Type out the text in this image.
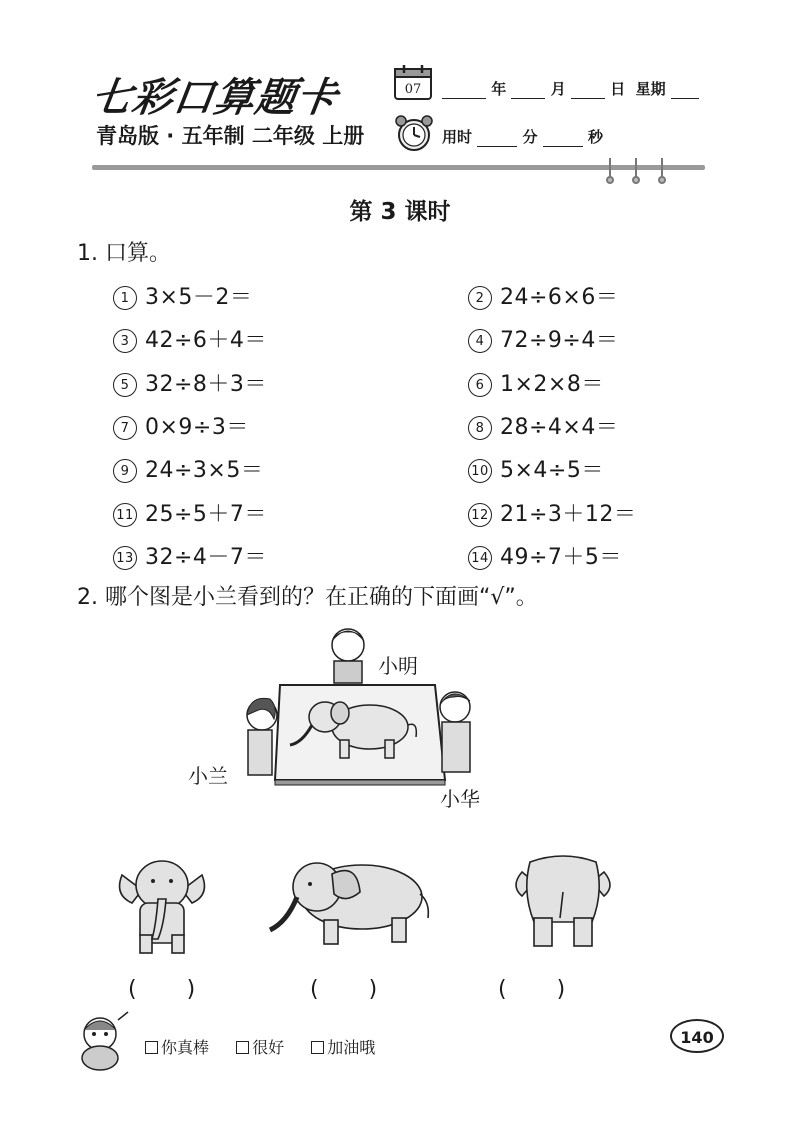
七彩口算题卡
青岛版 · 五年制 二年级 上册
07	年	月	日 星期
用时	分	秒
第 3 课时
1. 口算。
1 3×5－2＝	2 24÷6×6＝
3 42÷6＋4＝	4 72÷9÷4＝
5 32÷8＋3＝	6 1×2×8＝
7 0×9÷3＝	8 28÷4×4＝
9 24÷3×5＝	10 5×4÷5＝
11 25÷5＋7＝	12 21÷3＋12＝
13 32÷4－7＝	14 49÷7＋5＝
2. 哪个图是小兰看到的？在正确的下面画“√”。
小明
小兰
小华
(　　)	(　　)	(　　)
你真棒	很好	加油哦
140
